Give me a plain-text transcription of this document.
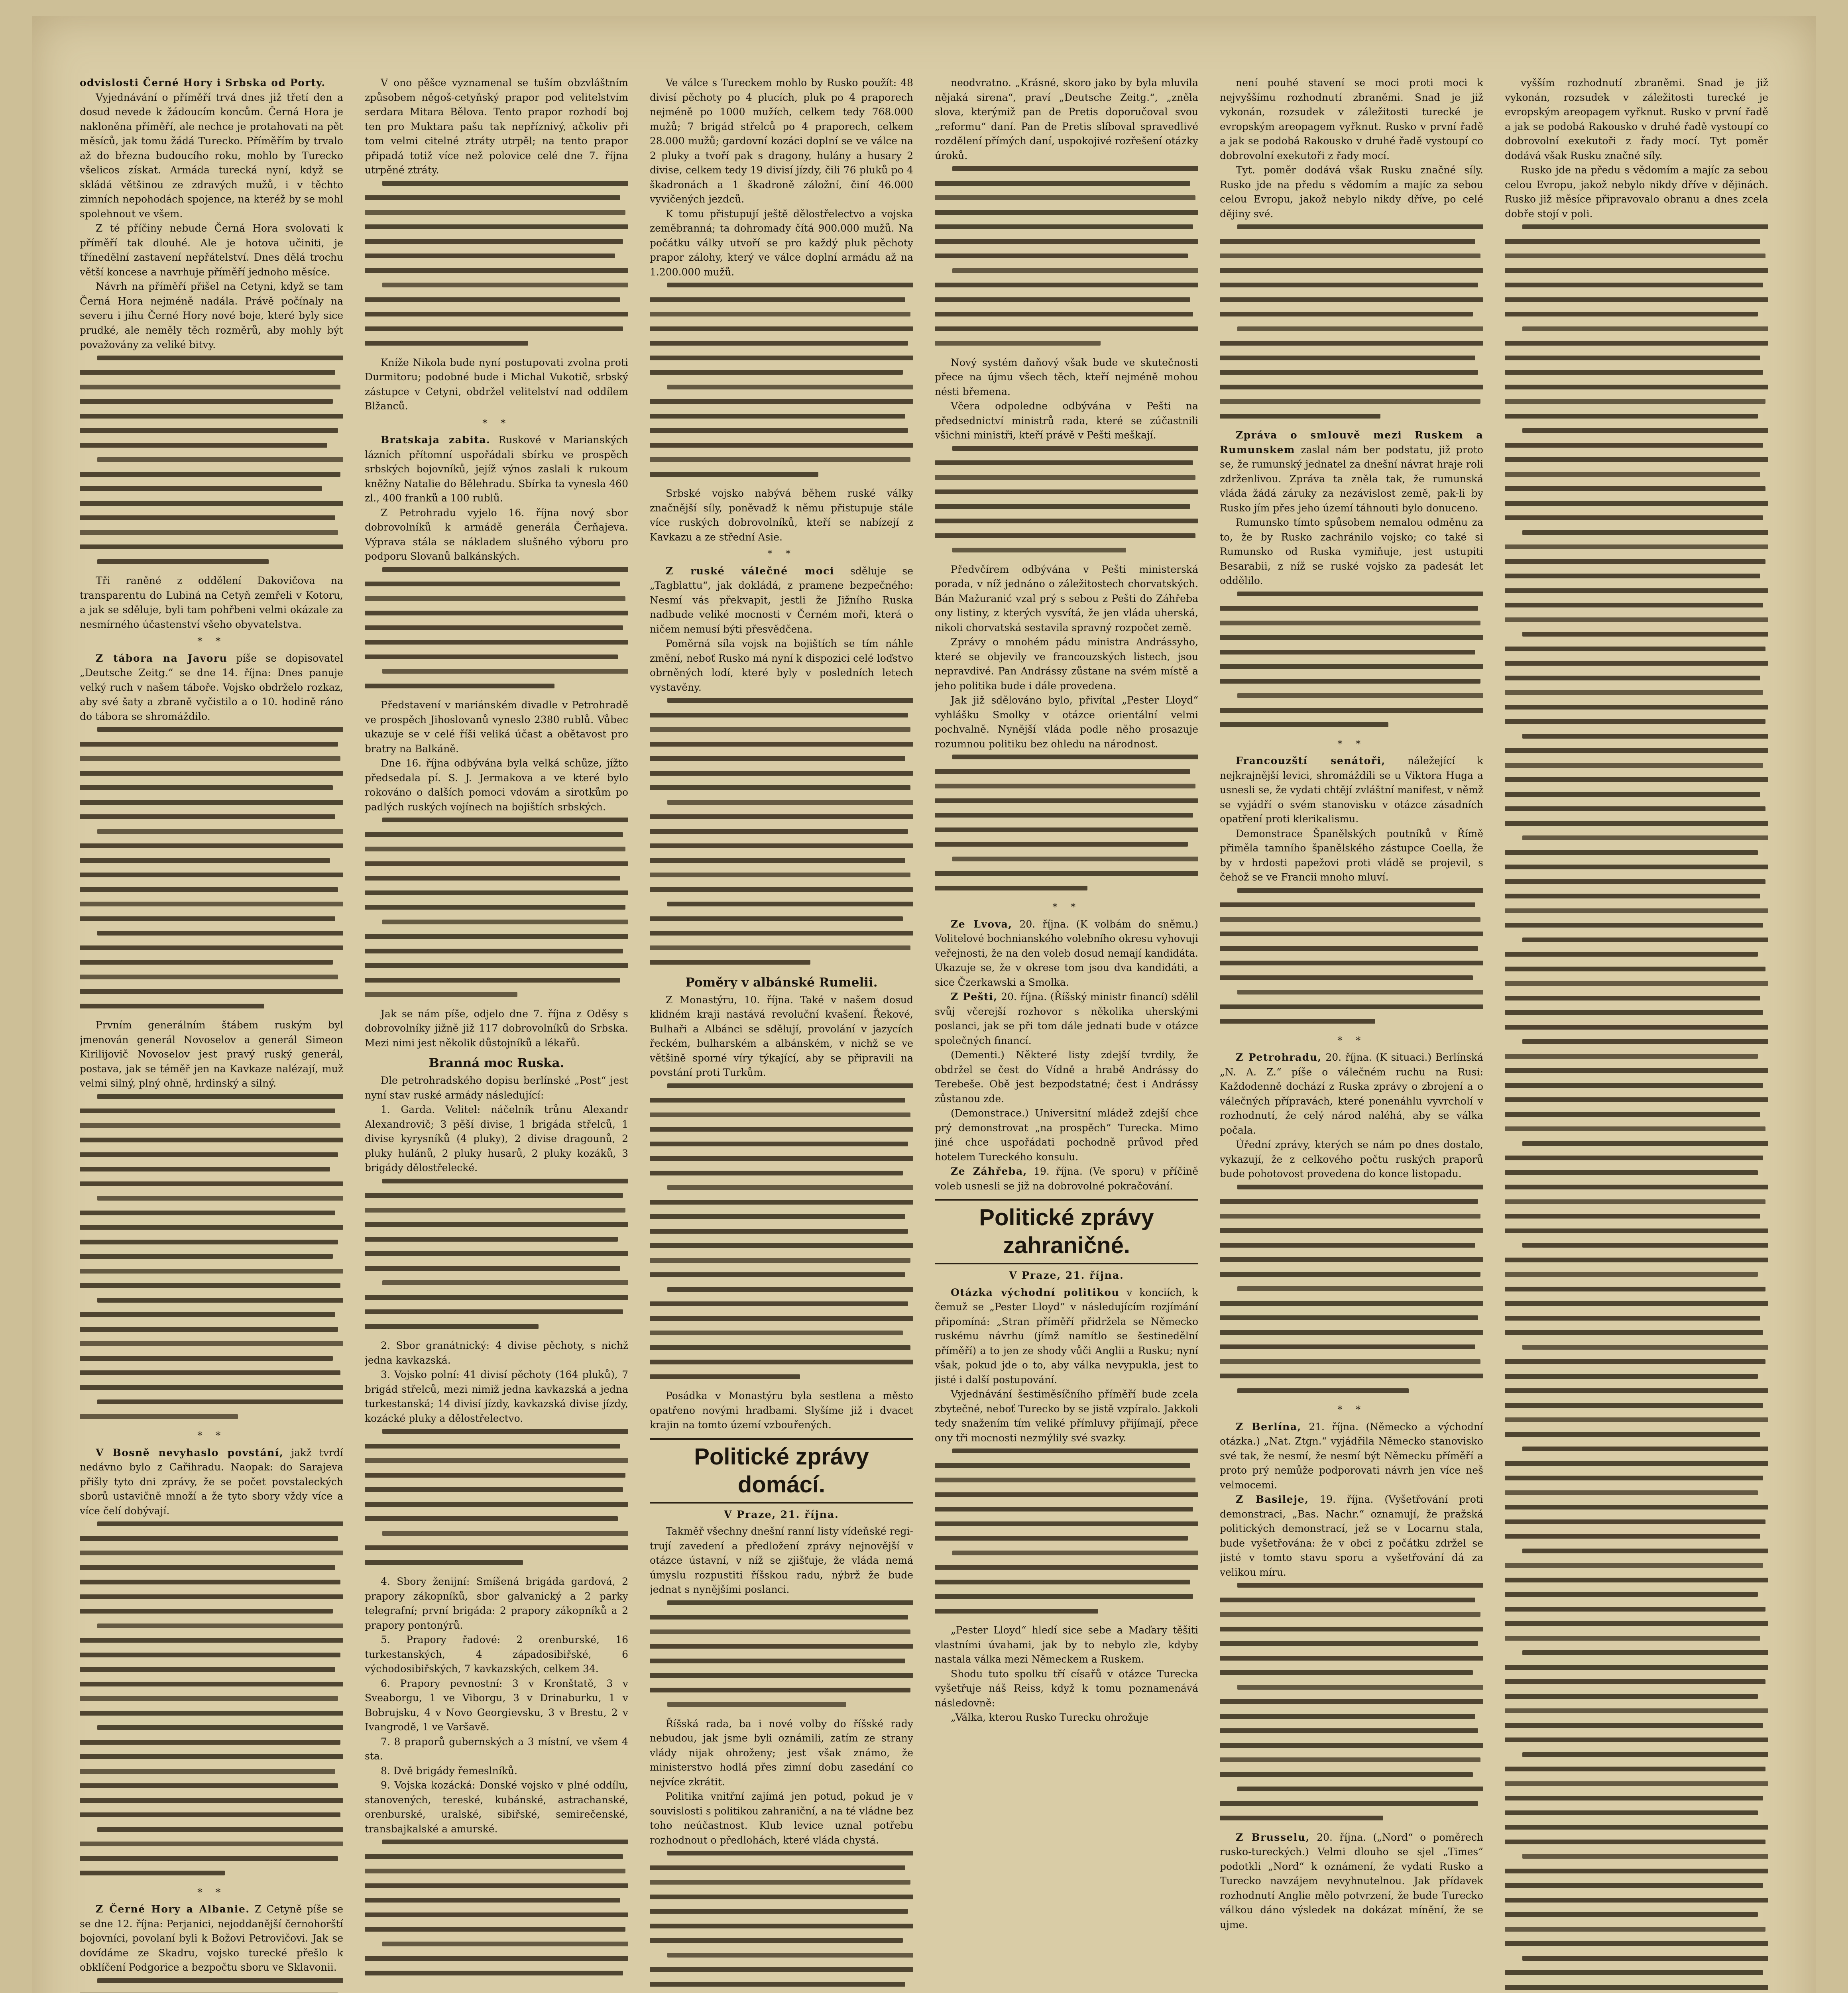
odvislosti Černé Hory i Srbska od Porty.

Vyjednávání o příměří trvá dnes již třetí den a dosud nevede k žádoucím koncům. Černá Hora je nakloněna příměří, ale nechce je protahovati na pět měsíců, jak tomu žádá Turecko. Příměřím by trvalo až do března budoucího roku, mohlo by Turecko všelicos získat. Armáda turecká nyní, když se skládá většinou ze zdravých mužů, i v těchto zimních nepohodách spojence, na kteréž by se mohl spolehnout ve všem.

Z té příčiny nebude Černá Hora svolovati k příměří tak dlouhé. Ale je hotova učiniti, je třínedělní zastavení nepřátelství. Dnes dělá trochu větší koncese a navrhuje příměří jednoho měsíce.

Návrh na příměří přišel na Cetyni, když se tam Černá Hora nejméně nadála. Právě počínaly na severu i jihu Černé Hory nové boje, které byly sice prudké, ale neměly těch rozměrů, aby mohly být považovány za veliké bitvy.

Tři raněné z oddělení Dakovičova na transparentu do Lubiná na Cetyň zemřeli v Kotoru, a jak se sděluje, byli tam pohřbeni velmi okázale za nesmírného účastenství všeho obyvatelstva.

* *

Z tábora na Javoru píše se dopisovatel „Deutsche Zeitg.“ se dne 14. října: Dnes panuje velký ruch v našem táboře. Vojsko obdrželo rozkaz, aby své šaty a zbraně vyčistilo a o 10. hodině ráno do tábora se shromáždilo.

Prvním generálním štábem ruským byl jmenován generál Novoselov a generál Simeon Kirilijovič Novoselov jest pravý ruský generál, postava, jak se téměř jen na Kavkaze nalézají, muž velmi silný, plný ohně, hrdinský a silný.

* *

V Bosně nevyhaslo povstání, jakž tvrdí nedávno bylo z Cařihradu. Naopak: do Sarajeva přišly tyto dni zprávy, že se počet povstaleckých sborů ustavičně množí a že tyto sbory vždy více a více čelí dobývají.

* *

Z Černé Hory a Albanie. Z Cetyně píše se se dne 12. října: Perjanici, nejoddanější černohorští bojovníci, povolaní byli k Božovi Petrovičovi. Jak se dovídáme ze Skadru, vojsko turecké přešlo k obklíčení Podgorice a bezpočtu sboru ve Sklavonii.

V ono pěšce vyznamenal se tuším obzvláštním způsobem něgoš-cetyňský prapor pod velitelstvím serdara Mitara Bělova. Tento prapor rozhodí boj ten pro Muktara pašu tak nepříznivý, ačkoliv při tom velmi citelné ztráty utrpěl; na tento prapor připadá totiž více než polovice celé dne 7. října utrpěné ztráty.

Kníže Nikola bude nyní postupovati zvolna proti Durmitoru; podobné bude i Michal Vukotič, srbský zástupce v Cetyni, obdržel velitelství nad oddílem Blžanců.

* *

Bratskaja zabita. Ruskové v Marianských lázních přítomní uspořádali sbírku ve prospěch srbských bojovníků, jejíž výnos zaslali k rukoum kněžny Natalie do Bělehradu. Sbírka ta vynesla 460 zl., 400 franků a 100 rublů.

Z Petrohradu vyjelo 16. října nový sbor dobrovolníků k armádě generála Čerňajeva. Výprava stála se nákladem slušného výboru pro podporu Slovanů balkánských.

Představení v mariánském divadle v Petrohradě ve prospěch Jihoslovanů vyneslo 2380 rublů. Vůbec ukazuje se v celé říši veliká účast a obětavost pro bratry na Balkáně.

Dne 16. října odbývána byla velká schůze, jížto předsedala pí. S. J. Jermakova a ve které bylo rokováno o dalších pomoci vdovám a sirotkům po padlých ruských vojínech na bojištích srbských.

Jak se nám píše, odjelo dne 7. října z Oděsy s dobrovolníky jižně již 117 dobrovolníků do Srbska. Mezi nimi jest několik důstojníků a lékařů.

Branná moc Ruska.

Dle petrohradského dopisu berlínské „Post“ jest nyní stav ruské armády následující:

1. Garda. Velitel: náčelník trůnu Alexandr Alexandrovič; 3 pěší divise, 1 brigáda střelců, 1 divise kyrysníků (4 pluky), 2 divise dragounů, 2 pluky hulánů, 2 pluky husarů, 2 pluky kozáků, 3 brigády dělostřelecké.

2. Sbor granátnický: 4 divise pěchoty, s nichž jedna kavkazská.

3. Vojsko polní: 41 divisí pěchoty (164 pluků), 7 brigád střelců, mezi nimiž jedna kavkazská a jedna turkestanská; 14 divisí jízdy, kavkazská divise jízdy, kozácké pluky a dělostřelectvo.

4. Sbory ženijní: Smíšená brigáda gardová, 2 prapory zákopníků, sbor galvanický a 2 parky telegrafní; první brigáda: 2 prapory zákopníků a 2 prapory pontonýrů.

5. Prapory řadové: 2 orenburské, 16 turkestanských, 4 západosibiřské, 6 východosibiřských, 7 kavkazských, celkem 34.

6. Prapory pevnostní: 3 v Kronštatě, 3 v Sveaborgu, 1 ve Viborgu, 3 v Drinaburku, 1 v Bobrujsku, 4 v Novo Georgievsku, 3 v Brestu, 2 v Ivangrodě, 1 ve Varšavě.

7. 8 praporů gubernských a 3 místní, ve všem 4 sta.

8. Dvě brigády řemeslníků.

9. Vojska kozácká: Donské vojsko v plné oddílu, stanovených, tereské, kubánské, astrachanské, orenburské, uralské, sibiřské, semirečenské, transbajkalské a amurské.

Ve válce s Tureckem mohlo by Rusko použít: 48 divisí pěchoty po 4 plucích, pluk po 4 praporech nejméně po 1000 mužích, celkem tedy 768.000 mužů; 7 brigád střelců po 4 praporech, celkem 28.000 mužů; gardovní kozáci doplní se ve válce na 2 pluky a tvoří pak s dragony, hulány a husary 2 divise, celkem tedy 19 divisí jízdy, čili 76 pluků po 4 škadronách a 1 škadroně záložní, činí 46.000 vyvičených jezdců.

K tomu přistupují ještě dělostřelectvo a vojska zeměbranná; ta dohromady čítá 900.000 mužů. Na počátku války utvoří se pro každý pluk pěchoty prapor zálohy, který ve válce doplní armádu až na 1.200.000 mužů.

Srbské vojsko nabývá během ruské války značnější síly, poněvadž k němu přistupuje stále více ruských dobrovolníků, kteří se nabízejí z Kavkazu a ze střední Asie.

* *

Z ruské válečné moci sděluje se „Tagblattu“, jak dokládá, z pramene bezpečného: Nesmí vás překvapit, jestli že Jižního Ruska nadbude veliké mocnosti v Černém moři, která o ničem nemusí býti přesvědčena.

Poměrná síla vojsk na bojištích se tím náhle změní, neboť Rusko má nyní k dispozici celé loďstvo obrněných lodí, které byly v posledních letech vystavěny.

Poměry v albánské Rumelii.

Z Monastýru, 10. října. Také v našem dosud klidném kraji nastává revoluční kvašení. Řekové, Bulhaři a Albánci se sdělují, provolání v jazycích řeckém, bulharském a albánském, v nichž se ve většině sporné víry týkající, aby se připravili na povstání proti Turkům.

Posádka v Monastýru byla sestlena a město opatřeno novými hradbami. Slyšíme již i dvacet krajin na tomto území vzbouřených.

Politické zprávy domácí.
V Praze, 21. října.

Takměř všechny dnešní ranní listy vídeňské regi-trují zavedení a předložení zprávy nejnovější v otázce ústavní, v níž se zjišťuje, že vláda nemá úmyslu rozpustiti říšskou radu, nýbrž že bude jednat s nynějšími poslanci.

Říšská rada, ba i nové volby do říšské rady nebudou, jak jsme byli oznámili, zatím ze strany vlády nijak ohroženy; jest však známo, že ministerstvo hodlá přes zimní dobu zasedání co nejvíce zkrátit.

Politika vnitřní zajímá jen potud, pokud je v souvislosti s politikou zahraniční, a na té vládne bez toho neúčastnost. Klub levice uznal potřebu rozhodnout o předlohách, které vláda chystá.

neodvratno. „Krásné, skoro jako by byla mluvila nějaká sirena“, praví „Deutsche Zeitg.“, „zněla slova, kterýmiž pan de Pretis doporučoval svou „reformu“ daní. Pan de Pretis slíboval spravedlivé rozdělení přímých daní, uspokojivé rozřešení otázky úroků.

Nový systém daňový však bude ve skutečnosti přece na újmu všech těch, kteří nejméně mohou nésti břemena.

Včera odpoledne odbývána v Pešti na předsednictví ministrů rada, které se zúčastnili všichni ministři, kteří právě v Pešti meškají.

Předvčírem odbývána v Pešti ministerská porada, v níž jednáno o záležitostech chorvatských. Bán Mažuranić vzal prý s sebou z Pešti do Záhřeba ony listiny, z kterých vysvítá, že jen vláda uherská, nikoli chorvatská sestavila spravný rozpočet země.

Zprávy o mnohém pádu ministra Andrássyho, které se objevily ve francouzských listech, jsou nepravdivé. Pan Andrássy zůstane na svém místě a jeho politika bude i dále provedena.

Jak již sdělováno bylo, přivítal „Pester Lloyd“ vyhlášku Smolky v otázce orientální velmi pochvalně. Nynější vláda podle něho prosazuje rozumnou politiku bez ohledu na národnost.

* *

Ze Lvova, 20. října. (K volbám do sněmu.) Volitelové bochnianského volebního okresu vyhovuji veřejnosti, že na den voleb dosud nemají kandidáta. Ukazuje se, že v okrese tom jsou dva kandidáti, a sice Čzerkawski a Smolka.

Z Pešti, 20. října. (Říšský ministr financí) sdělil svůj včerejší rozhovor s několika uherskými poslanci, jak se při tom dále jednati bude v otázce společných financí.

(Dementi.) Některé listy zdejší tvrdily, že obdržel se čest do Vídně a hrabě Andrássy do Terebeše. Obě jest bezpodstatné; čest i Andrássy zůstanou zde.

(Demonstrace.) Universitní mládež zdejší chce prý demonstrovat „na prospěch“ Turecka. Mimo jiné chce uspořádati pochodně průvod před hotelem Tureckého konsulu.

Ze Záhřeba, 19. října. (Ve sporu) v příčině voleb usnesli se již na dobrovolné pokračování.

Politické zprávy zahraničné.
V Praze, 21. října.

Otázka východní politikou v konciích, k čemuž se „Pester Lloyd“ v následujícím rozjímání připomíná: „Stran příměří přidržela se Německo ruskému návrhu (jímž namítlo se šestinedělní příměří) a to jen ze shody vůči Anglii a Rusku; nyní však, pokud jde o to, aby válka nevypukla, jest to jisté i další postupování.

Vyjednávání šestiměsíčního příměří bude zcela zbytečné, neboť Turecko by se jistě vzpíralo. Jakkoli tedy snažením tím veliké přímluvy přijímají, přece ony tři mocnosti nezmýlily své svazky.

„Pester Lloyd“ hledí sice sebe a Maďary těšiti vlastními úvahami, jak by to nebylo zle, kdyby nastala válka mezi Německem a Ruskem.

Shodu tuto spolku tří císařů v otázce Turecka vyšetřuje náš Reiss, když k tomu poznamenává následovně:

„Válka, kterou Rusko Turecku ohrožuje

není pouhé stavení se moci proti moci k nejvyššímu rozhodnutí zbraněmi. Snad je již vykonán, rozsudek v záležitosti turecké je evropským areopagem vyřknut. Rusko v první řadě a jak se podobá Rakousko v druhé řadě vystoupí co dobrovolní exekutoři z řady mocí.

Tyt. poměr dodává však Rusku značné síly. Rusko jde na předu s vědomím a majíc za sebou celou Evropu, jakož nebylo nikdy dříve, po celé dějiny své.

Zpráva o smlouvě mezi Ruskem a Rumunskem zaslal nám ber podstatu, již proto se, že rumunský jednatel za dnešní návrat hraje roli zdrženlivou. Zpráva ta zněla tak, že rumunská vláda žádá záruky za nezávislost země, pak-li by Rusko jím přes jeho území táhnouti bylo donuceno.

Rumunsko tímto spůsobem nemalou odměnu za to, že by Rusko zachránilo vojsko; co také si Rumunsko od Ruska vymiňuje, jest ustupiti Besarabii, z níž se ruské vojsko za padesát let oddělilo.

* *

Francouzští senátoři, náležející k nejkrajnější levici, shromáždili se u Viktora Huga a usnesli se, že vydati chtějí zvláštní manifest, v němž se vyjádří o svém stanovisku v otázce zásadních opatření proti klerikalismu.

Demonstrace Španělských poutníků v Římě přiměla tamního španělského zástupce Coella, že by v hrdosti papežovi proti vládě se projevil, s čehož se ve Francii mnoho mluví.

* *

Z Petrohradu, 20. října. (K situaci.) Berlínská „N. A. Z.“ píše o válečném ruchu na Rusi: Každodenně dochází z Ruska zprávy o zbrojení a o válečných přípravách, které ponenáhlu vyvrcholí v rozhodnutí, že celý národ naléhá, aby se válka počala.

Úřední zprávy, kterých se nám po dnes dostalo, vykazují, že z celkového počtu ruských praporů bude pohotovost provedena do konce listopadu.

* *

Z Berlína, 21. října. (Německo a východní otázka.) „Nat. Ztgn.“ vyjádřila Německo stanovisko své tak, že nesmí, že nesmí být Německu příměří a proto prý nemůže podporovati návrh jen více neš velmocemi.

Z Basileje, 19. října. (Vyšetřování proti demonstraci, „Bas. Nachr.“ oznamují, že pražská politických demonstrací, jež se v Locarnu stala, bude vyšetřována: že v obci z počátku zdržel se jisté v tomto stavu sporu a vyšetřování dá za velikou míru.

Z Brusselu, 20. října. („Nord“ o poměrech rusko-tureckých.) Velmi dlouho se sjel „Times“ podotkli „Nord“ k oznámení, že vydati Rusko a Turecko navzájem nevyhnutelnou. Jak přídavek rozhodnutí Anglie mělo potvrzení, že bude Turecko válkou dáno výsledek na dokázat mínění, že se ujme.

vyšším rozhodnutí zbraněmi. Snad je již vykonán, rozsudek v záležitosti turecké je evropským areopagem vyřknut. Rusko v první řadě a jak se podobá Rakousko v druhé řadě vystoupí co dobrovolní exekutoři z řady mocí. Tyt poměr dodává však Rusku značné síly.

Rusko jde na předu s vědomím a majíc za sebou celou Evropu, jakož nebylo nikdy dříve v dějinách. Rusko již měsíce připravovalo obranu a dnes zcela dobře stojí v poli.
